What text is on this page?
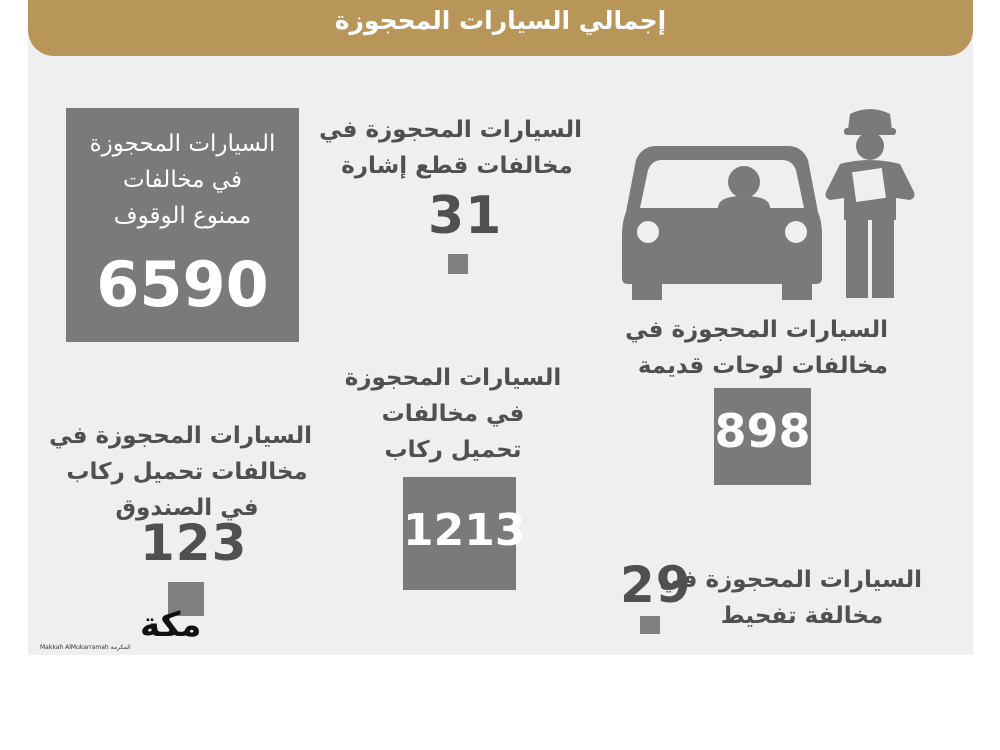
إجمالي السيارات المحجوزة
السيارات المحجوزة
في مخالفات
ممنوع الوقوف
6590
السيارات المحجوزة في
مخالفات قطع إشارة
31
السيارات المحجوزة في
مخالفات لوحات قديمة
898
السيارات المحجوزة
في مخالفات
تحميل ركاب
1213
السيارات المحجوزة في
مخالفات تحميل ركاب
في الصندوق
123
السيارات المحجوزة في
مخالفة تفحيط
29
مكة
Makkah AlMukarramah المكرمة
